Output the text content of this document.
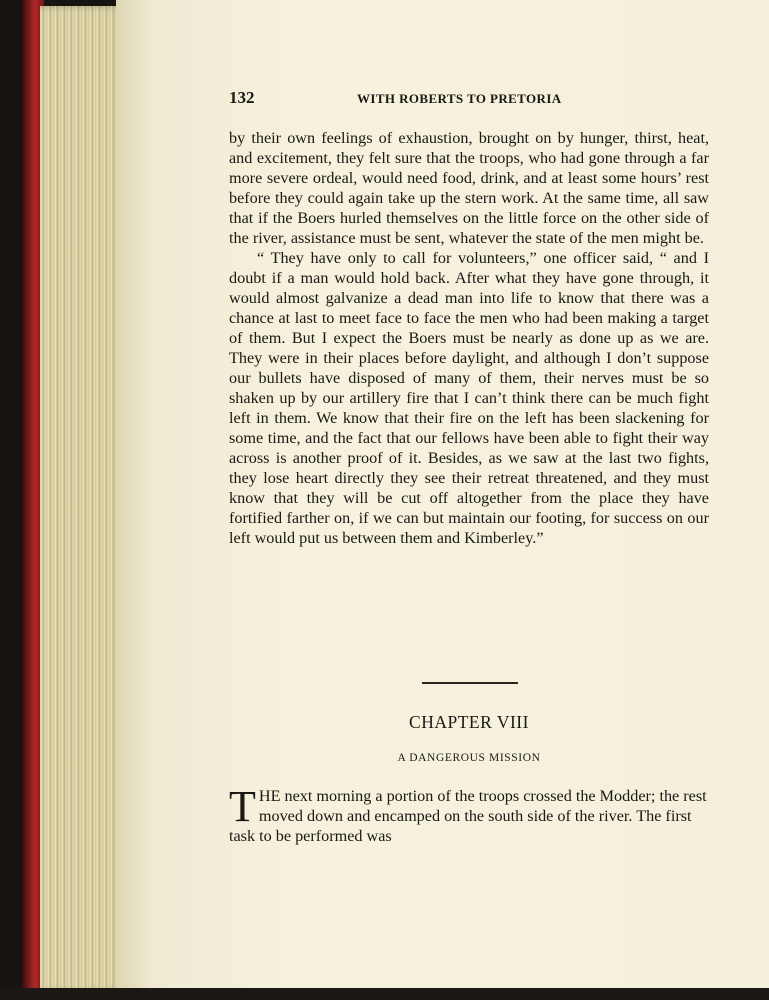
132	WITH ROBERTS TO PRETORIA

by their own feelings of exhaustion, brought on by hunger, thirst, heat, and excitement, they felt sure that the troops, who had gone through a far more severe ordeal, would need food, drink, and at least some hours’ rest before they could again take up the stern work. At the same time, all saw that if the Boers hurled themselves on the little force on the other side of the river, assistance must be sent, whatever the state of the men might be.

“ They have only to call for volunteers,” one officer said, “ and I doubt if a man would hold back. After what they have gone through, it would almost galvanize a dead man into life to know that there was a chance at last to meet face to face the men who had been making a target of them. But I expect the Boers must be nearly as done up as we are. They were in their places before daylight, and although I don’t suppose our bullets have disposed of many of them, their nerves must be so shaken up by our artillery fire that I can’t think there can be much fight left in them. We know that their fire on the left has been slackening for some time, and the fact that our fellows have been able to fight their way across is another proof of it. Besides, as we saw at the last two fights, they lose heart directly they see their retreat threatened, and they must know that they will be cut off altogether from the place they have fortified farther on, if we can but maintain our footing, for success on our left would put us between them and Kimberley.”

CHAPTER VIII
A DANGEROUS MISSION
T HE next morning a portion of the troops crossed the Modder; the rest moved down and encamped on the south side of the river. The first task to be performed was
